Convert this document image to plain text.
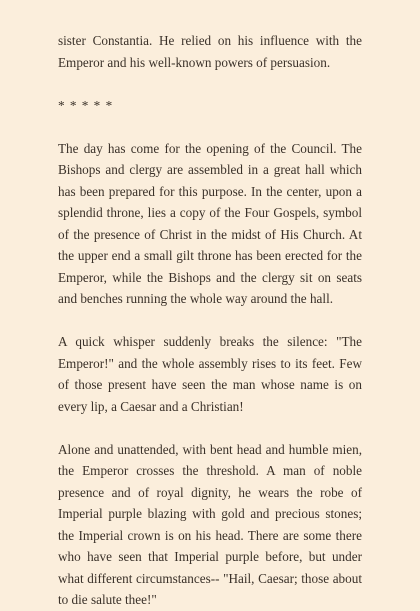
sister Constantia. He relied on his influence with the Emperor and his well-known powers of persuasion.

* * * * *

The day has come for the opening of the Council. The Bishops and clergy are assembled in a great hall which has been prepared for this purpose. In the center, upon a splendid throne, lies a copy of the Four Gospels, symbol of the presence of Christ in the midst of His Church. At the upper end a small gilt throne has been erected for the Emperor, while the Bishops and the clergy sit on seats and benches running the whole way around the hall.

A quick whisper suddenly breaks the silence: "The Emperor!" and the whole assembly rises to its feet. Few of those present have seen the man whose name is on every lip, a Caesar and a Christian!

Alone and unattended, with bent head and humble mien, the Emperor crosses the threshold. A man of noble presence and of royal dignity, he wears the robe of Imperial purple blazing with gold and precious stones; the Imperial crown is on his head. There are some there who have seen that Imperial purple before, but under what different circumstances-- "Hail, Caesar; those about to die salute thee!"
